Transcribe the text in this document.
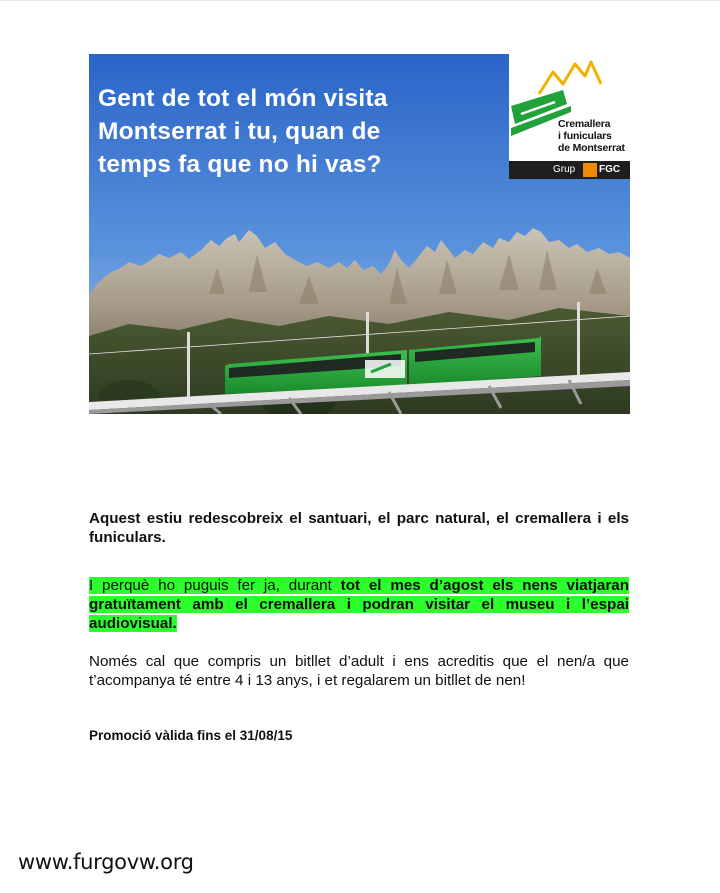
Gent de tot el món visita
Montserrat i tu, quan de
temps fa que no hi vas?
Cremallera
i funiculars
de Montserrat
Grup FGC

Aquest estiu redescobreix el santuari, el parc natural, el cremallera i els funiculars.

I perquè ho puguis fer ja, durant tot el mes d’agost els nens viatjaran gratuïtament amb el cremallera i podran visitar el museu i l’espai audiovisual.

Només cal que compris un bitllet d’adult i ens acreditis que el nen/a que t’acompanya té entre 4 i 13 anys, i et regalarem un bitllet de nen!

Promoció vàlida fins el 31/08/15
www.furgovw.org
